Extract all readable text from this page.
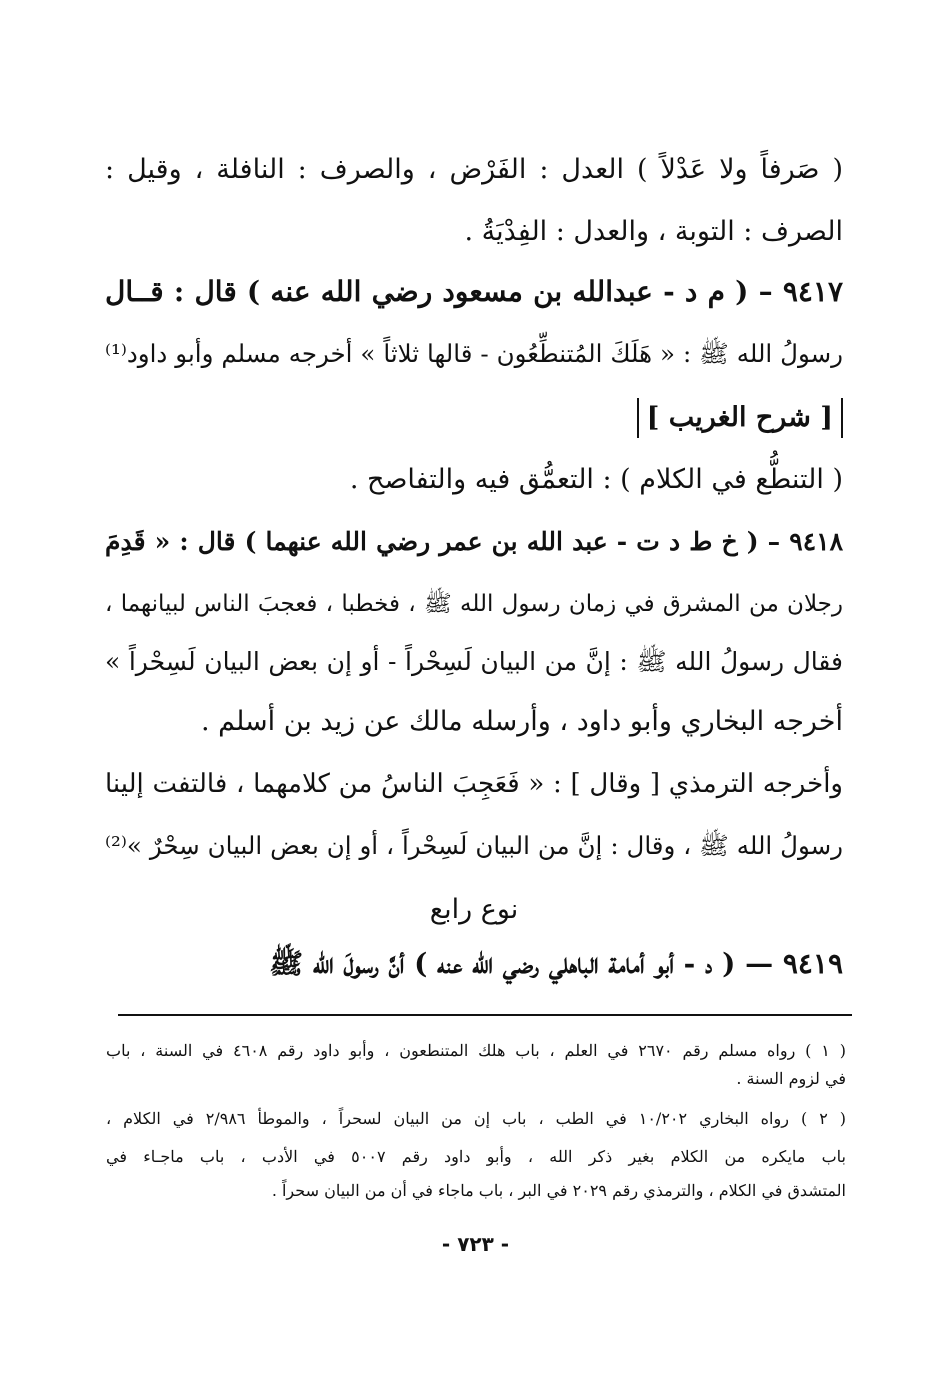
( صَرفاً ولا عَدْلاً ) العدل : الفَرْض ، والصرف : النافلة ، وقيل :
الصرف : التوبة ، والعدل : الفِدْيَةُ .
٩٤١٧ – ( م د - عبدالله بن مسعود رضي الله عنه ) قال : قــال
رسولُ الله ﷺ : « هَلَكَ المُتنطِّعُون - قالها ثلاثاً » أخرجه مسلم وأبو داود⁽¹⁾
[ شرح الغريب ]
( التنطُّع في الكلام ) : التعمُّق فيه والتفاصح .
٩٤١٨ – ( خ ط د ت - عبد الله بن عمر رضي الله عنهما ) قال : « قَدِمَ
رجلان من المشرق في زمان رسول الله ﷺ ، فخطبا ، فعجبَ الناس لبيانهما ،
فقال رسولُ الله ﷺ : إنَّ من البيان لَسِحْراً - أو إن بعض البيان لَسِحْراً »
أخرجه البخاري وأبو داود ، وأرسله مالك عن زيد بن أسلم .
وأخرجه الترمذي [ وقال ] : « فَعَجِبَ الناسُ من كلامهما ، فالتفت إلينا
رسولُ الله ﷺ ، وقال : إنَّ من البيان لَسِحْراً ، أو إن بعض البيان سِحْرٌ »⁽²⁾
نوع رابع
٩٤١٩ — ( د - أبو أمامة الباهلي رضي الله عنه ) أنَّ رسولَ الله ﷺ
( ١ ) رواه مسلم رقم ٢٦٧٠ في العلم ، باب هلك المتنطعون ، وأبو داود رقم ٤٦٠٨ في السنة ، باب
في لزوم السنة .
( ٢ ) رواه البخاري ١٠/٢٠٢ في الطب ، باب إن من البيان لسحراً ، والموطأ ٢/٩٨٦ في الكلام ،
باب مايكره من الكلام بغير ذكر الله ، وأبو داود رقم ٥٠٠٧ في الأدب ، باب ماجـاء في
المتشدق في الكلام ، والترمذي رقم ٢٠٢٩ في البر ، باب ماجاء في أن من البيان سحراً .
- ٧٢٣ -
